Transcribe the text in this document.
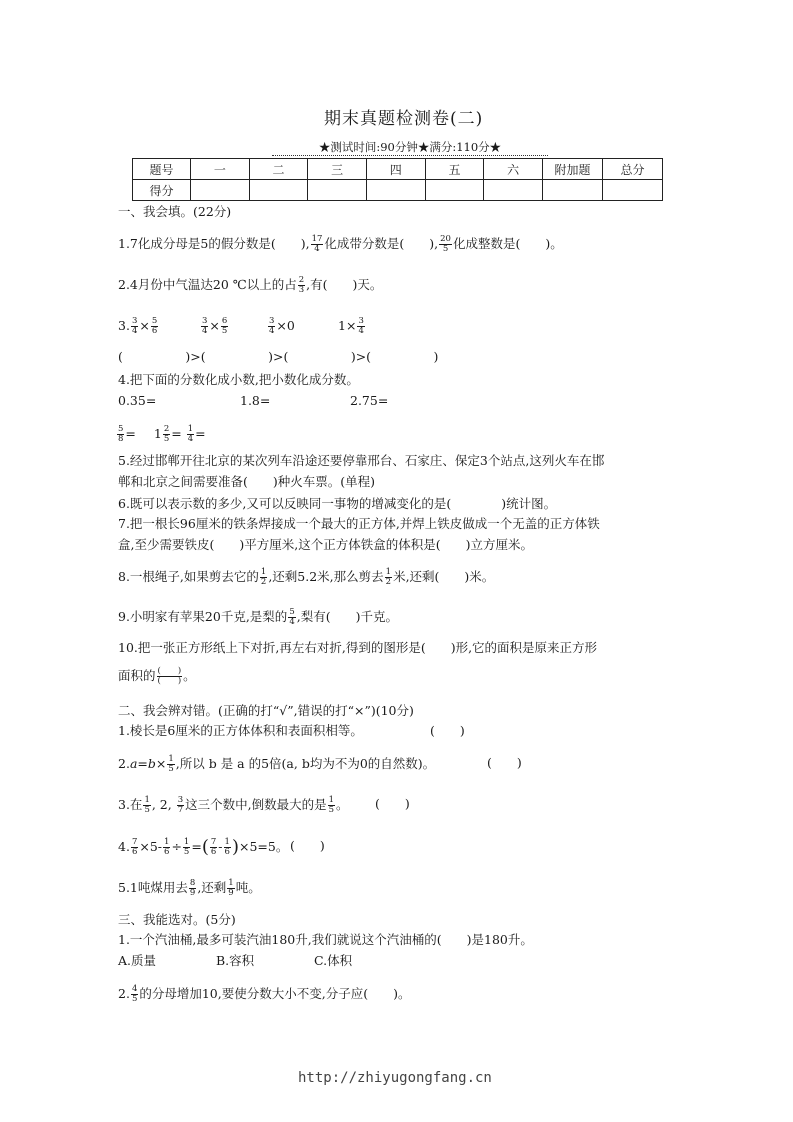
期末真题检测卷(二)
★测试时间:90分钟★满分:110分★
题号	一	二	三	四	五	六	附加题	总分
得分								
一、我会填。(22分)
1.7化成分母是5的假分数是(　　), $\frac{17}{4}$ 化成带分数是(　　), $\frac{20}{5}$ 化成整数是(　　)。
2.4月份中气温达20 ℃以上的占 $\frac{2}{3}$ ,有(　　)天。
3. $\frac{3}{4} \times \frac{5}{6}$	$\frac{3}{4} \times \frac{6}{5}$	$\frac{3}{4} \times 0$	$1\times \frac{3}{4}$
(　　　　　)>(　　　　　)>(　　　　　)>(　　　　　)
4.把下面的分数化成小数,把小数化成分数。
0.35=	1.8=	2.75=
$\frac{5}{8} = 1 \frac{2}{5} = \frac{1}{4}$ =
5.经过邯郸开往北京的某次列车沿途还要停靠邢台、石家庄、保定3个站点,这列火车在邯
郸和北京之间需要准备(　　)种火车票。(单程)
6.既可以表示数的多少,又可以反映同一事物的增减变化的是(　　　　)统计图。
7.把一根长96厘米的铁条焊接成一个最大的正方体,并焊上铁皮做成一个无盖的正方体铁
盒,至少需要铁皮(　　)平方厘米,这个正方体铁盒的体积是(　　)立方厘米。
8.一根绳子,如果剪去它的 $\frac{1}{2}$ ,还剩5.2米,那么剪去 $\frac{1}{2}$ 米,还剩(　　)米。
9.小明家有苹果20千克,是梨的 $\frac{5}{4}$ ,梨有(　　)千克。
10.把一张正方形纸上下对折,再左右对折,得到的图形是(　　)形,它的面积是原来正方形
面积的 (　　)
(　　) 。
二、我会辨对错。(正确的打“√”,错误的打“×”)(10分)
1.棱长是6厘米的正方体体积和表面积相等。	(　　)
$2.a=b\times \frac{1}{5}$ ,所以 b 是 a 的5倍(a, b均为不为0的自然数)。	(　　)
3.在 $\frac{1}{5}$ , 2, $\frac{3}{7}$ 这三个数中,倒数最大的是 $\frac{1}{5}$ 。 (　　)
4. $\frac{7}{6} \times 5- \frac{1}{6} \div \frac{1}{5}$ =( $\frac{7}{6} - \frac{1}{6} )\times 5=5$。 (　　)
5.1吨煤用去 $\frac{8}{9}$ ,还剩 $\frac{1}{9}$ 吨。
三、我能选对。(5分)
1.一个汽油桶,最多可装汽油180升,我们就说这个汽油桶的(　　)是180升。
A.质量	B.容积	C.体积
2. $\frac{4}{5}$ 的分母增加10,要使分数大小不变,分子应(　　)。
http://zhiyugongfang.cn
